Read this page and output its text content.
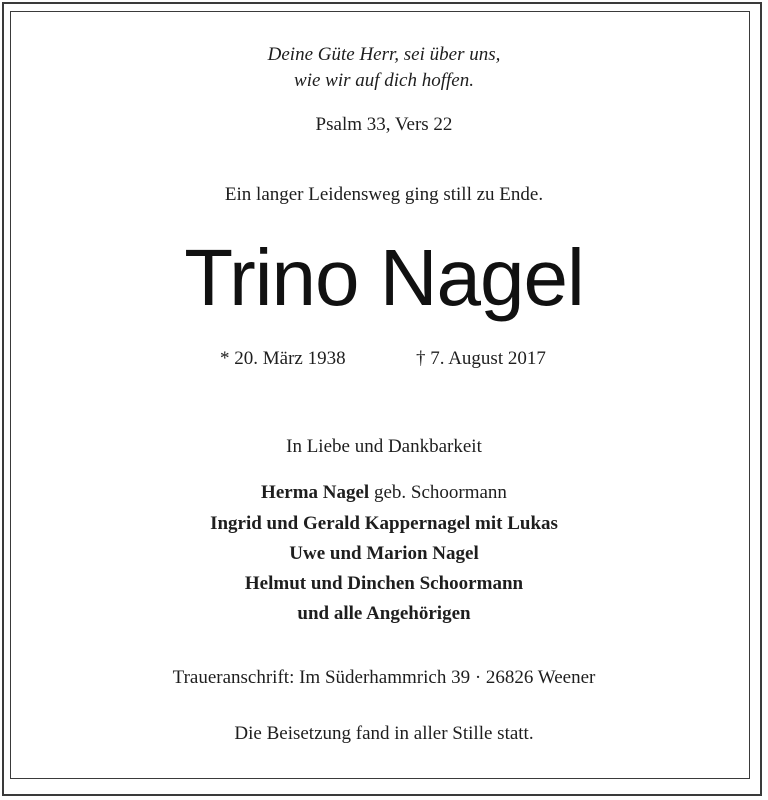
Deine Güte Herr, sei über uns,
wie wir auf dich hoffen.
Psalm 33, Vers 22
Ein langer Leidensweg ging still zu Ende.
Trino Nagel
* 20. März 1938	† 7. August 2017
In Liebe und Dankbarkeit
Herma Nagel geb. Schoormann
Ingrid und Gerald Kappernagel mit Lukas
Uwe und Marion Nagel
Helmut und Dinchen Schoormann
und alle Angehörigen
Traueranschrift: Im Süderhammrich 39 · 26826 Weener
Die Beisetzung fand in aller Stille statt.
